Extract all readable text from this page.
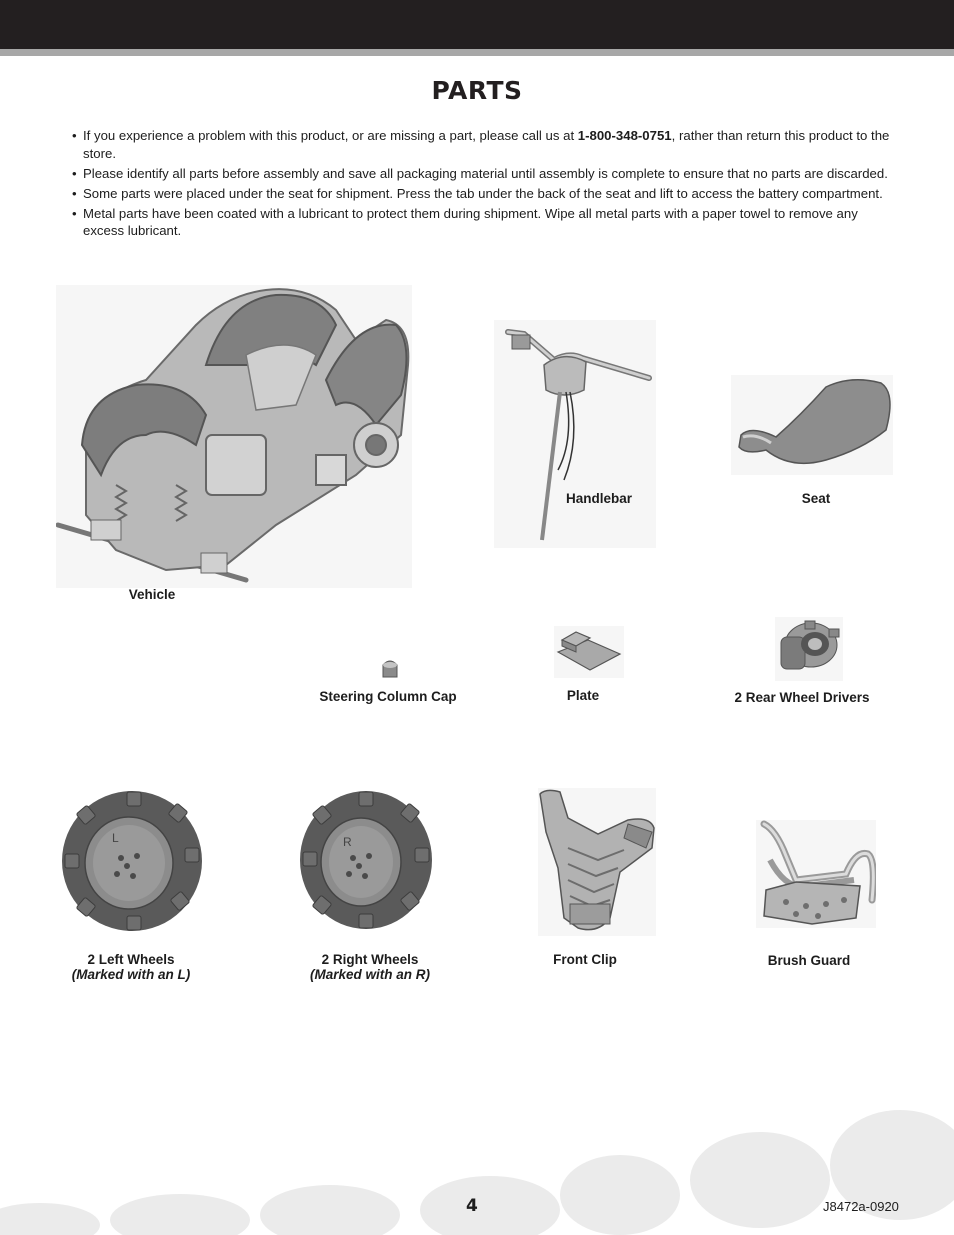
PARTS
• If you experience a problem with this product, or are missing a part, please call us at 1-800-348-0751, rather than return this product to the store.
• Please identify all parts before assembly and save all packaging material until assembly is complete to ensure that no parts are discarded.
• Some parts were placed under the seat for shipment. Press the tab under the back of the seat and lift to access the battery compartment.
• Metal parts have been coated with a lubricant to protect them during shipment. Wipe all metal parts with a paper towel to remove any excess lubricant.
Vehicle
Handlebar	Seat
Steering Column Cap	Plate	2 Rear Wheel Drivers
L
2 Left Wheels
(Marked with an L)
R
2 Right Wheels
(Marked with an R)
Front Clip	Brush Guard
4	J8472a-0920
